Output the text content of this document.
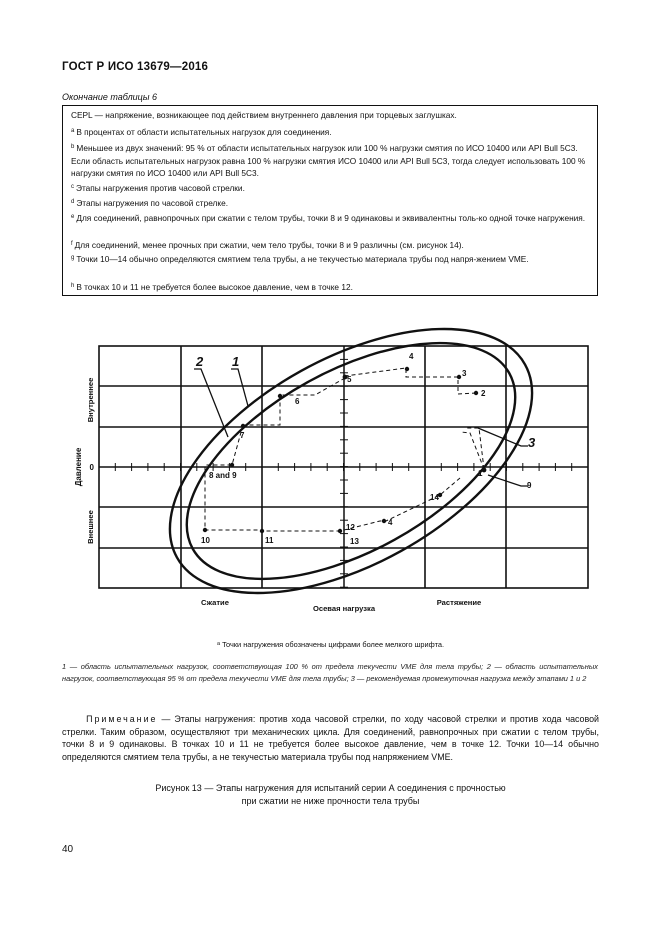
ГОСТ Р ИСО 13679—2016
Окончание таблицы 6
CEPL — напряжение, возникающее под действием внутреннего давления при торцевых заглушках.
$^a$ В процентах от области испытательных нагрузок для соединения.
$^b$ Меньшее из двух значений: 95 % от области испытательных нагрузок или 100 % нагрузки смятия по ИСО 10400 или API Bull 5C3. Если область испытательных нагрузок равна 100 % нагрузки смятия ИСО 10400 или API Bull 5C3, тогда следует использовать 100 % нагрузки смятия по ИСО 10400 или API Bull 5C3.
$^c$ Этапы нагружения против часовой стрелки.
$^d$ Этапы нагружения по часовой стрелке.
$^e$ Для соединений, равнопрочных при сжатии с телом трубы, точки 8 и 9 одинаковы и эквивалентны толь-ко одной точке нагружения.
$^f$ Для соединений, менее прочных при сжатии, чем тело трубы, точки 8 и 9 различны (см. рисунок 14).
$^g$ Точки 10—14 обычно определяются смятием тела трубы, а не текучестью материала трубы под напря-жением VME.
$^h$ В точках 10 и 11 не требуется более высокое давление, чем в точке 12.
2 1
3
1
2
3
4
5
6
7
8 and 9
9
10	11
12
13
4
14
0
Внутреннее
Давление
Внешнее
Сжатие
Осевая нагрузка
Растяжение
$^a$ Точки нагружения обозначены цифрами более мелкого шрифта.
1 — область испытательных нагрузок, соответствующая 100 % от предела текучести VME для тела трубы; 2 — область испытательных нагрузок, соответствующая 95 % от предела текучести VME для тела трубы; 3 — рекомендуемая промежуточная нагрузка между этапами 1 и 2
Примечание — Этапы нагружения: против хода часовой стрелки, по ходу часовой стрелки и против хода часовой стрелки. Таким образом, осуществляют три механических цикла. Для соединений, равнопрочных при сжатии с телом трубы, точки 8 и 9 одинаковы. В точках 10 и 11 не требуется более высокое давление, чем в точке 12. Точки 10—14 обычно определяются смятием тела трубы, а не текучестью материала трубы под напряжением VME.
Рисунок 13 — Этапы нагружения для испытаний серии А соединения с прочностью
при сжатии не ниже прочности тела трубы
40
